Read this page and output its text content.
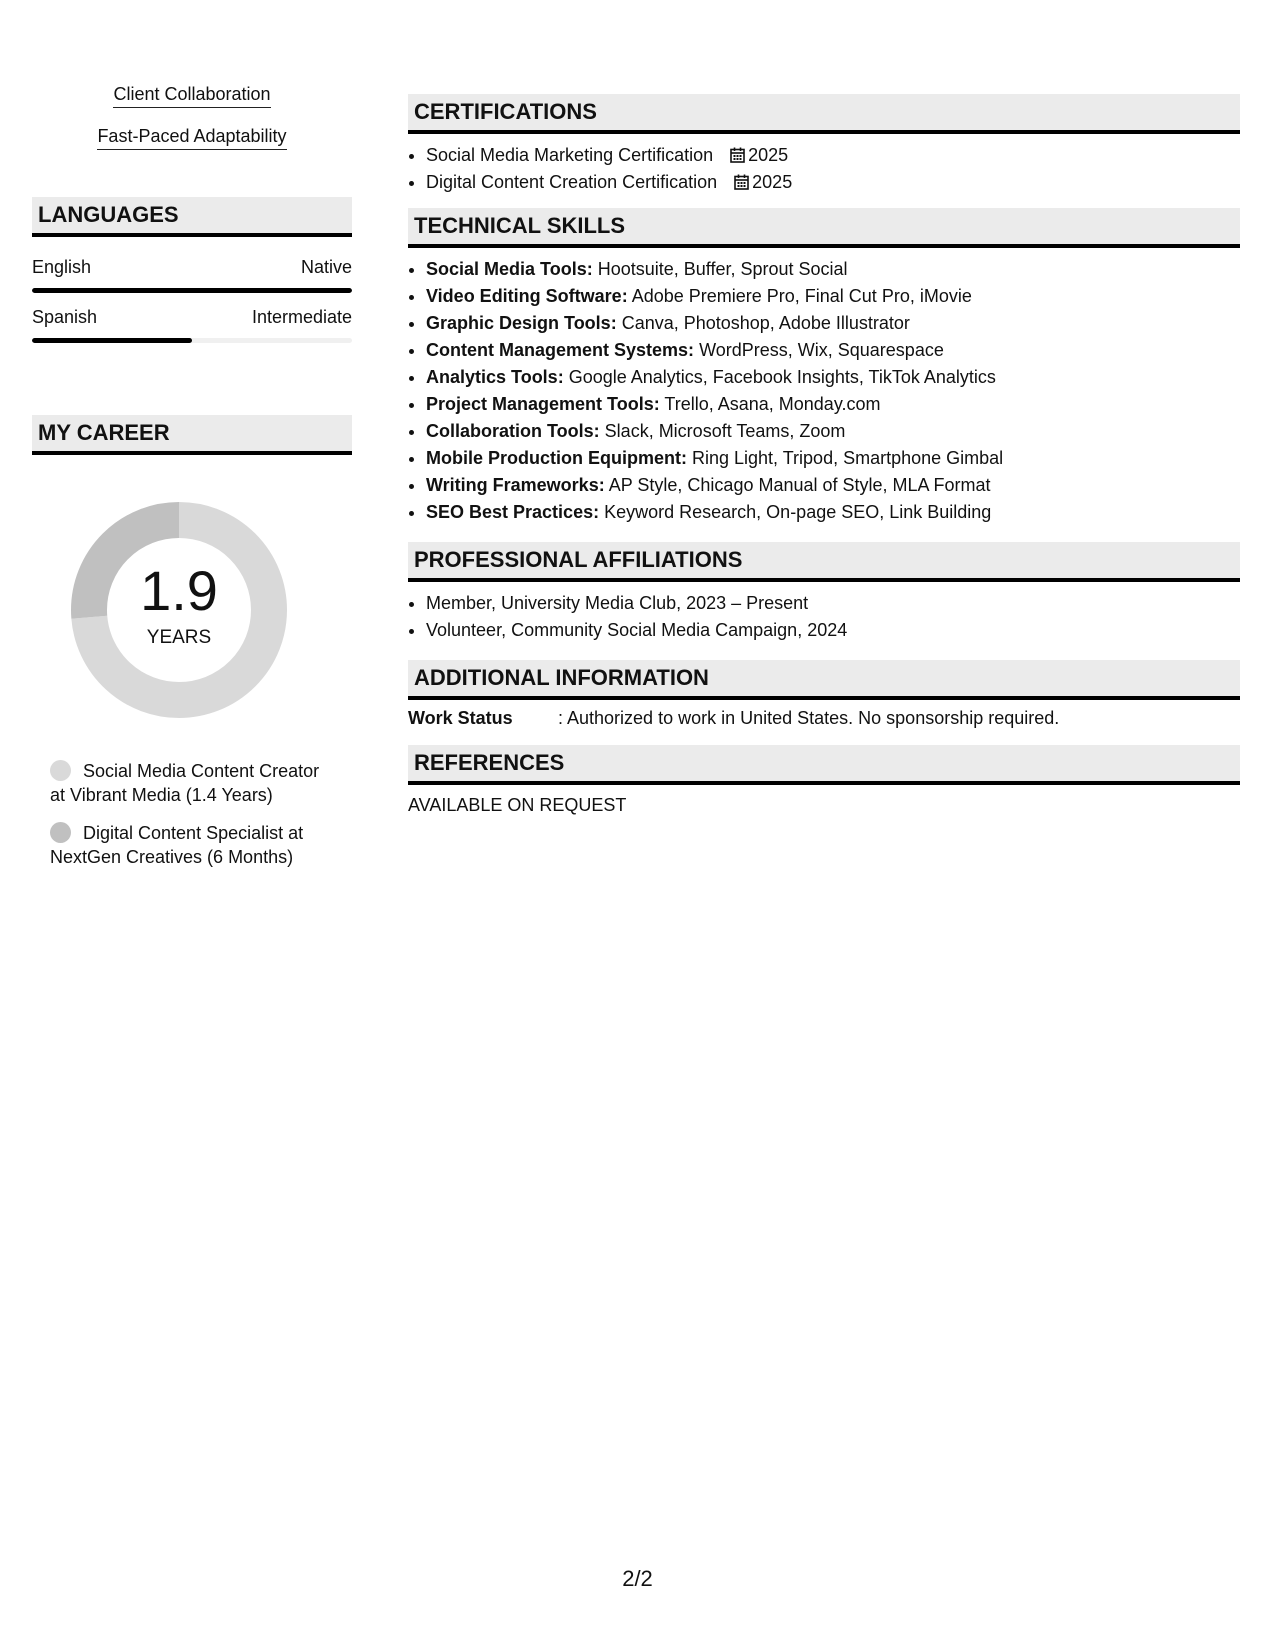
Client Collaboration
Fast-Paced Adaptability
LANGUAGES
English	Native
Spanish	Intermediate
MY CAREER
1.9
YEARS
Social Media Content Creator at Vibrant Media (1.4 Years)
Digital Content Specialist at NextGen Creatives (6 Months)
CERTIFICATIONS
• Social Media Marketing Certification 2025
• Digital Content Creation Certification 2025
TECHNICAL SKILLS
• Social Media Tools: Hootsuite, Buffer, Sprout Social
• Video Editing Software: Adobe Premiere Pro, Final Cut Pro, iMovie
• Graphic Design Tools: Canva, Photoshop, Adobe Illustrator
• Content Management Systems: WordPress, Wix, Squarespace
• Analytics Tools: Google Analytics, Facebook Insights, TikTok Analytics
• Project Management Tools: Trello, Asana, Monday.com
• Collaboration Tools: Slack, Microsoft Teams, Zoom
• Mobile Production Equipment: Ring Light, Tripod, Smartphone Gimbal
• Writing Frameworks: AP Style, Chicago Manual of Style, MLA Format
• SEO Best Practices: Keyword Research, On-page SEO, Link Building
PROFESSIONAL AFFILIATIONS
• Member, University Media Club, 2023 – Present
• Volunteer, Community Social Media Campaign, 2024
ADDITIONAL INFORMATION
Work Status	: Authorized to work in United States. No sponsorship required.
REFERENCES
AVAILABLE ON REQUEST
2/2
